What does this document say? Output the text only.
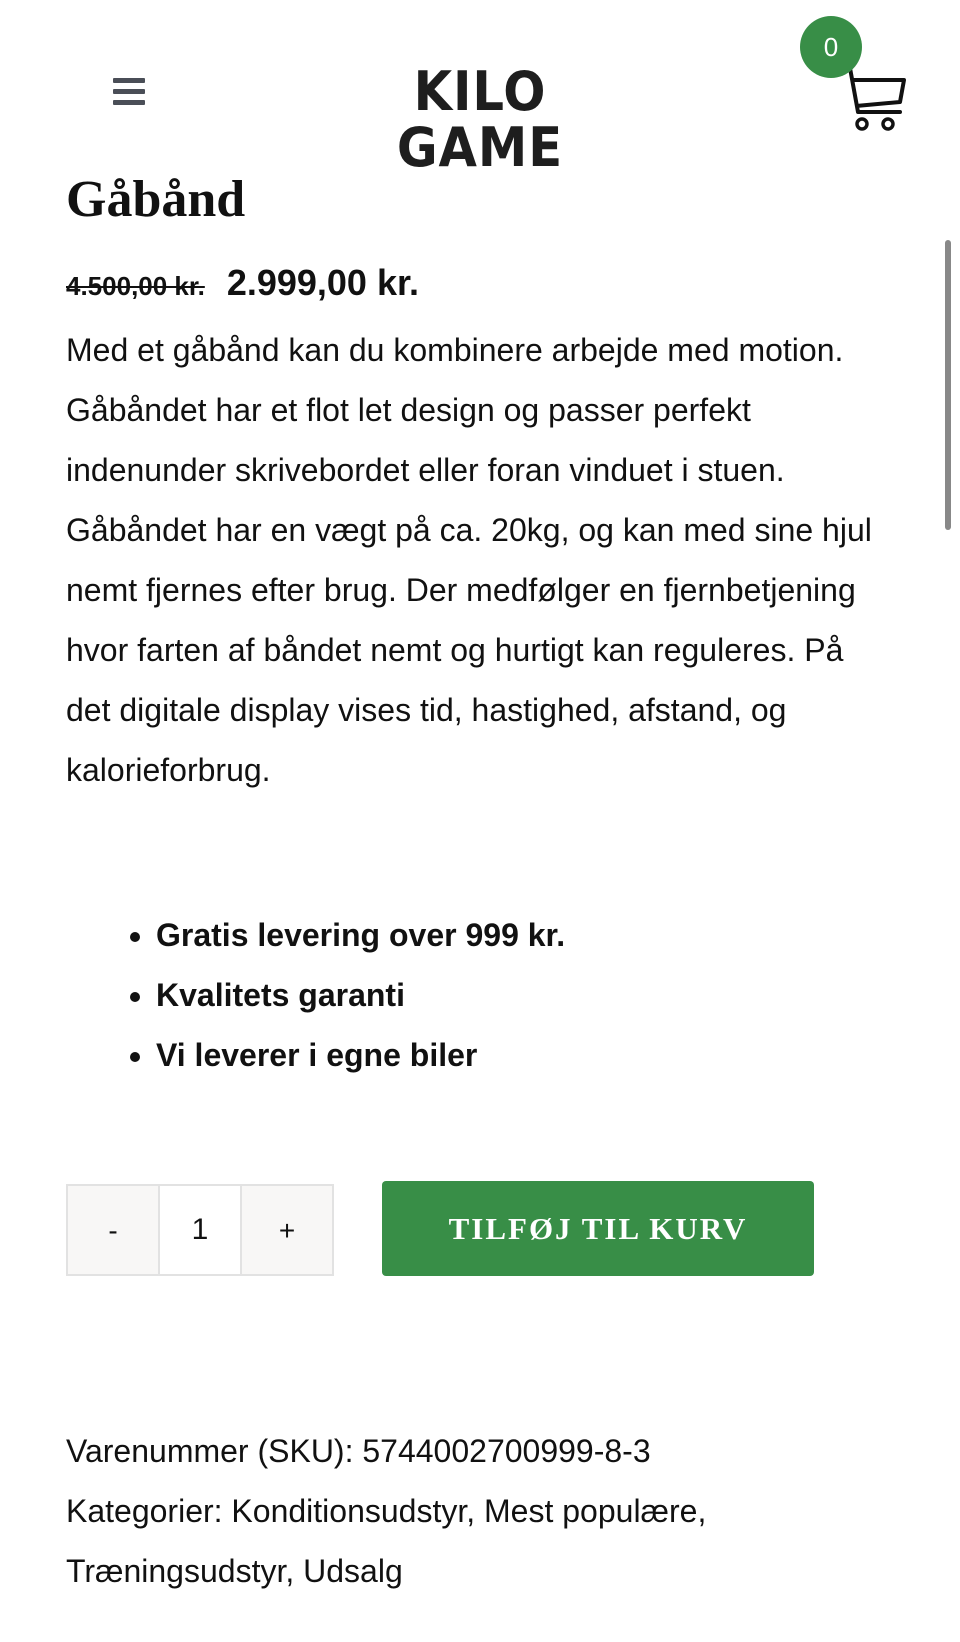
KILO GAME
0
Gåbånd
4.500,00 kr. 2.999,00 kr.

Med et gåbånd kan du kombinere arbejde med motion. Gåbåndet har et flot let design og passer perfekt indenunder skrivebordet eller foran vinduet i stuen. Gåbåndet har en vægt på ca. 20kg, og kan med sine hjul nemt fjernes efter brug. Der medfølger en fjernbetjening hvor farten af båndet nemt og hurtigt kan reguleres. På det digitale display vises tid, hastighed, afstand, og kalorieforbrug.

• Gratis levering over 999 kr.
• Kvalitets garanti
• Vi leverer i egne biler
-
1	+	TILFØJ TIL KURV
Varenummer (SKU): 5744002700999-8-3
Kategorier: Konditionsudstyr, Mest populære, Træningsudstyr, Udsalg
